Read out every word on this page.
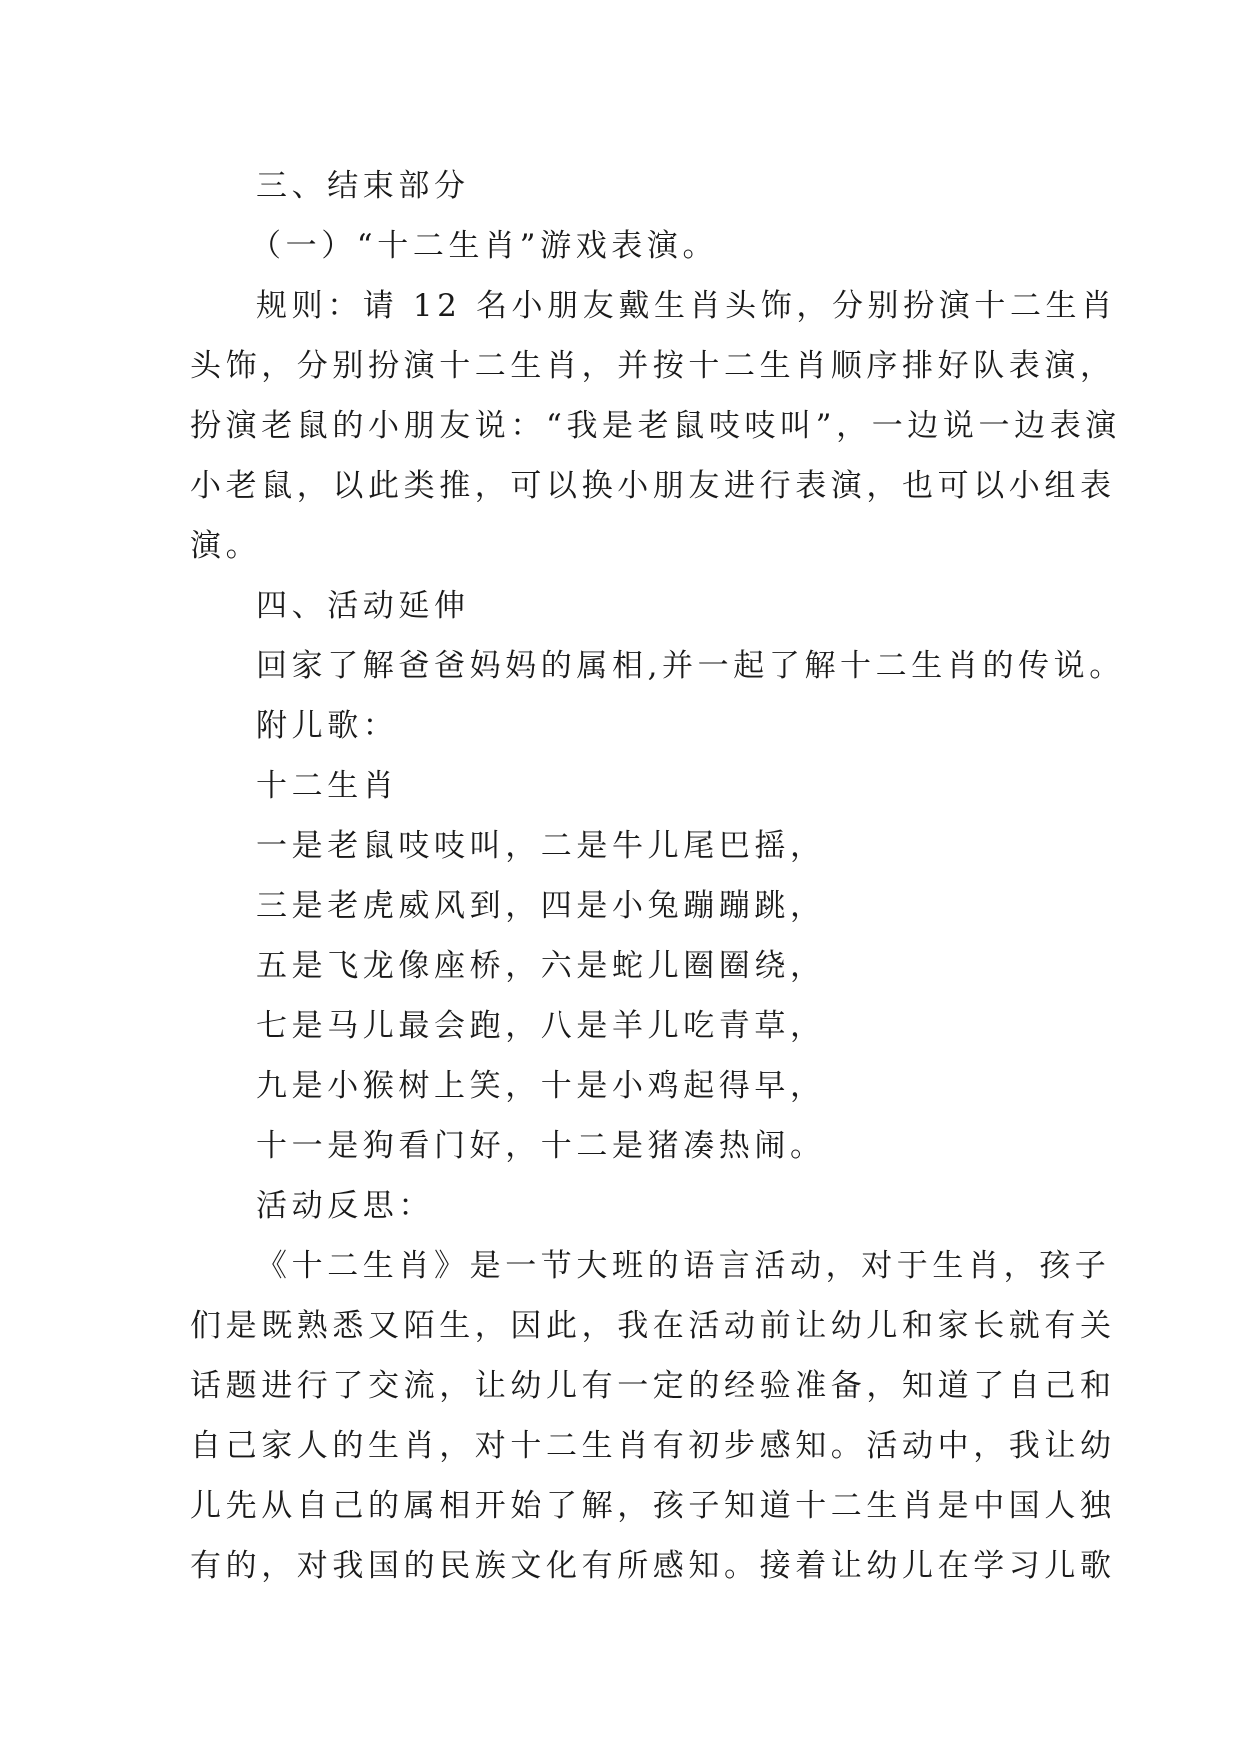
三、结束部分
（一）“十二生肖”游戏表演。
规则：请 12 名小朋友戴生肖头饰，分别扮演十二生肖
头饰，分别扮演十二生肖，并按十二生肖顺序排好队表演，
扮演老鼠的小朋友说：“我是老鼠吱吱叫”，一边说一边表演
小老鼠，以此类推，可以换小朋友进行表演，也可以小组表
演。
四、活动延伸
回家了解爸爸妈妈的属相,并一起了解十二生肖的传说。
附儿歌：
十二生肖
一是老鼠吱吱叫，二是牛儿尾巴摇，
三是老虎威风到，四是小兔蹦蹦跳，
五是飞龙像座桥，六是蛇儿圈圈绕，
七是马儿最会跑，八是羊儿吃青草，
九是小猴树上笑，十是小鸡起得早，
十一是狗看门好，十二是猪凑热闹。
活动反思：
《十二生肖》是一节大班的语言活动，对于生肖，孩子
们是既熟悉又陌生，因此，我在活动前让幼儿和家长就有关
话题进行了交流，让幼儿有一定的经验准备，知道了自己和
自己家人的生肖，对十二生肖有初步感知。活动中，我让幼
儿先从自己的属相开始了解，孩子知道十二生肖是中国人独
有的，对我国的民族文化有所感知。接着让幼儿在学习儿歌
